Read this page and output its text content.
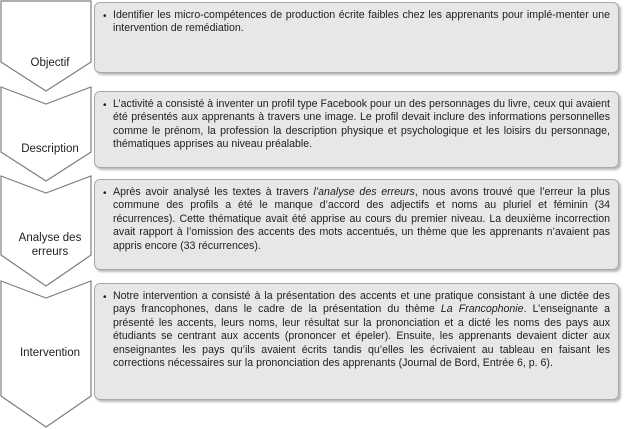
Objectif
• Identifier les micro-compétences de production écrite faibles chez les apprenants pour implé-menter une intervention de remédiation.

Description
• L’activité a consisté à inventer un profil type Facebook pour un des personnages du livre, ceux qui avaient été présentés aux apprenants à travers une image. Le profil devait inclure des informations personnelles comme le prénom, la profession la description physique et psychologique et les loisirs du personnage, thématiques apprises au niveau préalable.

Analyse des erreurs
• Après avoir analysé les textes à travers l’analyse des erreurs, nous avons trouvé que l’erreur la plus commune des profils a été le manque d’accord des adjectifs et noms au pluriel et féminin (34 récurrences). Cette thématique avait été apprise au cours du premier niveau. La deuxième incorrection avait rapport à l’omission des accents des mots accentués, un thème que les apprenants n’avaient pas appris encore (33 récurrences).

Intervention
• Notre intervention a consisté à la présentation des accents et une pratique consistant à une dictée des pays francophones, dans le cadre de la présentation du thème La Francophonie. L’enseignante a présenté les accents, leurs noms, leur résultat sur la prononciation et a dicté les noms des pays aux étudiants se centrant aux accents (prononcer et épeler). Ensuite, les apprenants devaient dicter aux enseignantes les pays qu’ils avaient écrits tandis qu’elles les écrivaient au tableau en faisant les corrections nécessaires sur la prononciation des apprenants (Journal de Bord, Entrée 6, p. 6).
